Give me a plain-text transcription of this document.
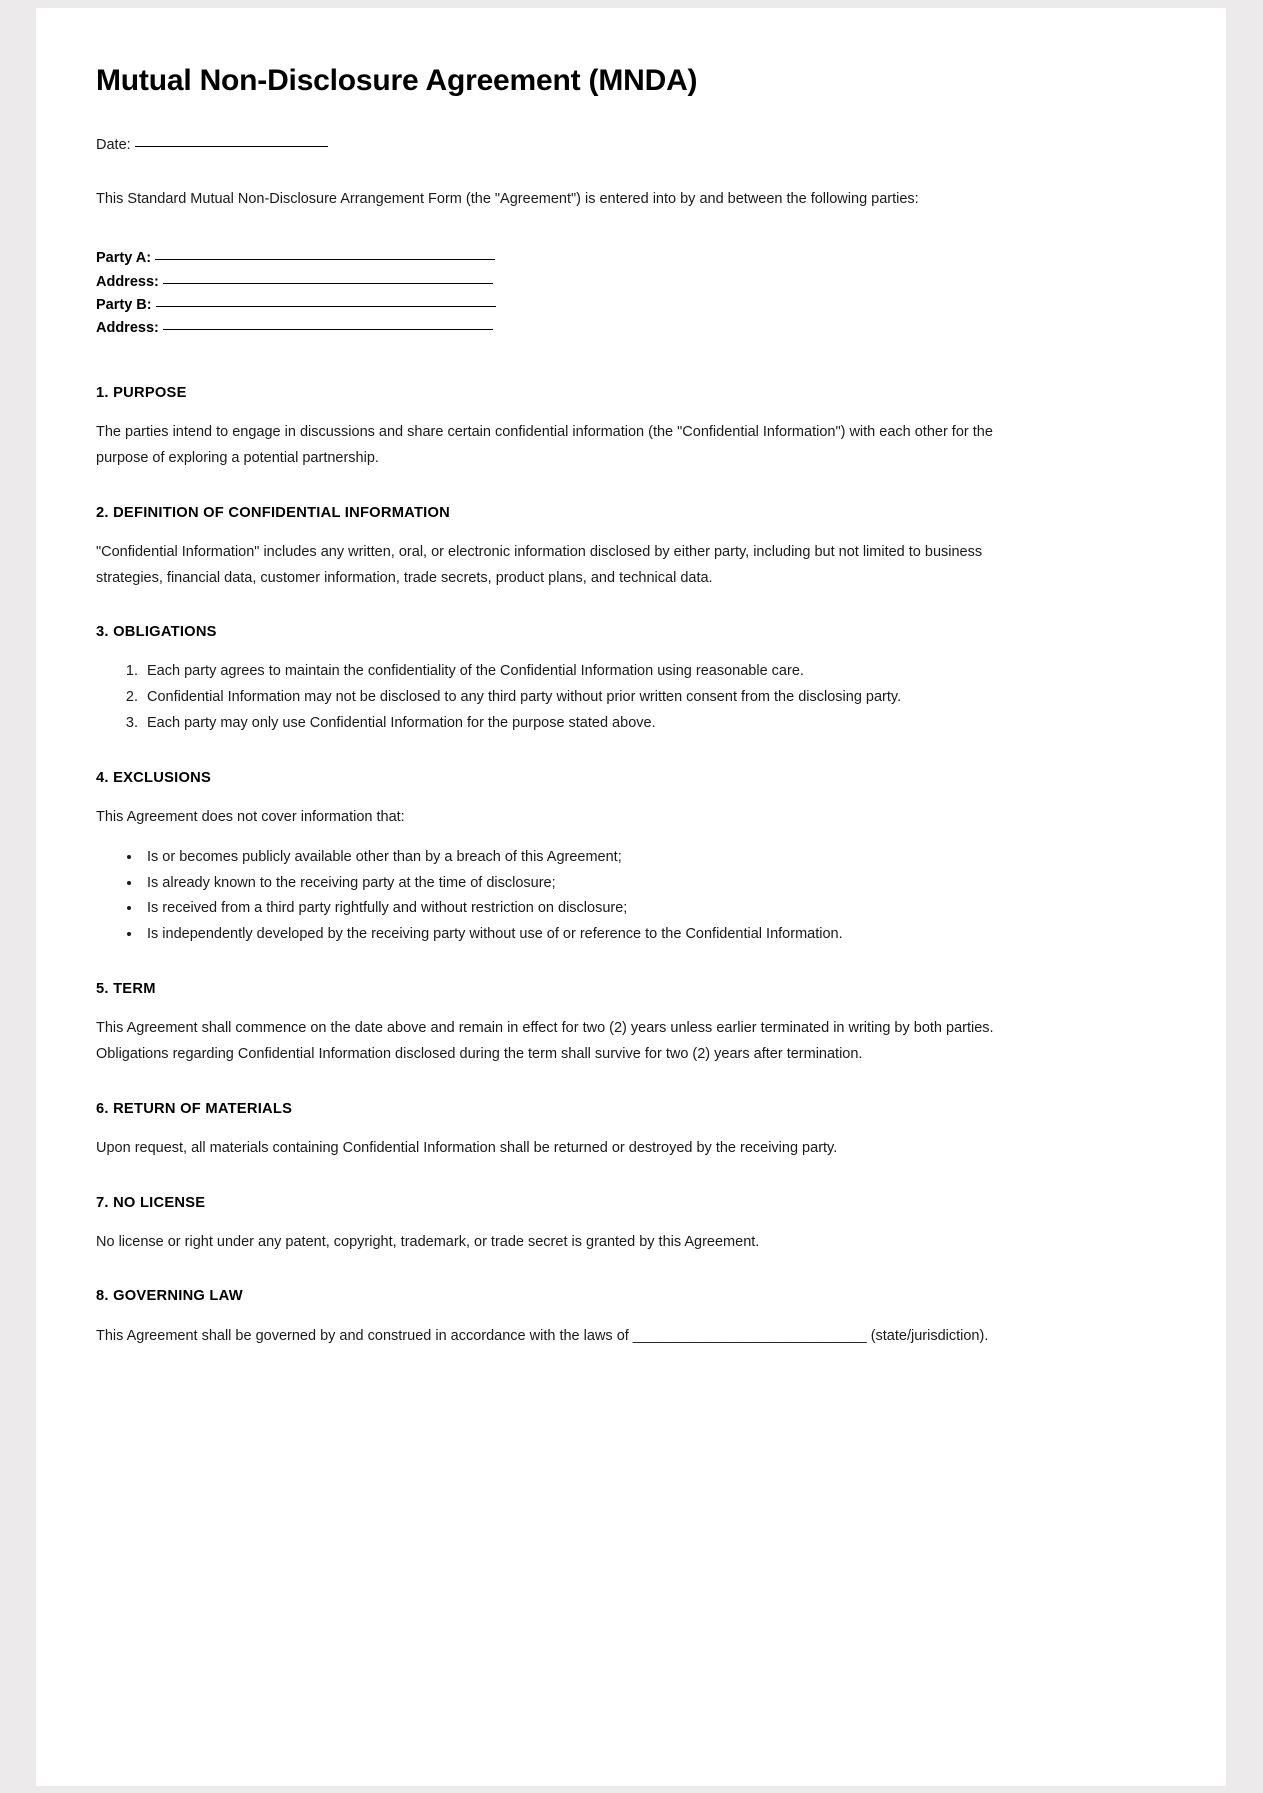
Mutual Non-Disclosure Agreement (MNDA)
Date:

This Standard Mutual Non-Disclosure Arrangement Form (the "Agreement") is entered into by and between the following parties:

Party A:
Address:
Party B:
Address:
1. PURPOSE

The parties intend to engage in discussions and share certain confidential information (the "Confidential Information") with each other for the purpose of exploring a potential partnership.

2. DEFINITION OF CONFIDENTIAL INFORMATION

"Confidential Information" includes any written, oral, or electronic information disclosed by either party, including but not limited to business strategies, financial data, customer information, trade secrets, product plans, and technical data.

3. OBLIGATIONS
1. Each party agrees to maintain the confidentiality of the Confidential Information using reasonable care.
2. Confidential Information may not be disclosed to any third party without prior written consent from the disclosing party.
3. Each party may only use Confidential Information for the purpose stated above.
4. EXCLUSIONS

This Agreement does not cover information that:

• Is or becomes publicly available other than by a breach of this Agreement;
• Is already known to the receiving party at the time of disclosure;
• Is received from a third party rightfully and without restriction on disclosure;
• Is independently developed by the receiving party without use of or reference to the Confidential Information.
5. TERM

This Agreement shall commence on the date above and remain in effect for two (2) years unless earlier terminated in writing by both parties. Obligations regarding Confidential Information disclosed during the term shall survive for two (2) years after termination.

6. RETURN OF MATERIALS

Upon request, all materials containing Confidential Information shall be returned or destroyed by the receiving party.

7. NO LICENSE

No license or right under any patent, copyright, trademark, or trade secret is granted by this Agreement.

8. GOVERNING LAW

This Agreement shall be governed by and construed in accordance with the laws of _____________________________ (state/jurisdiction).
